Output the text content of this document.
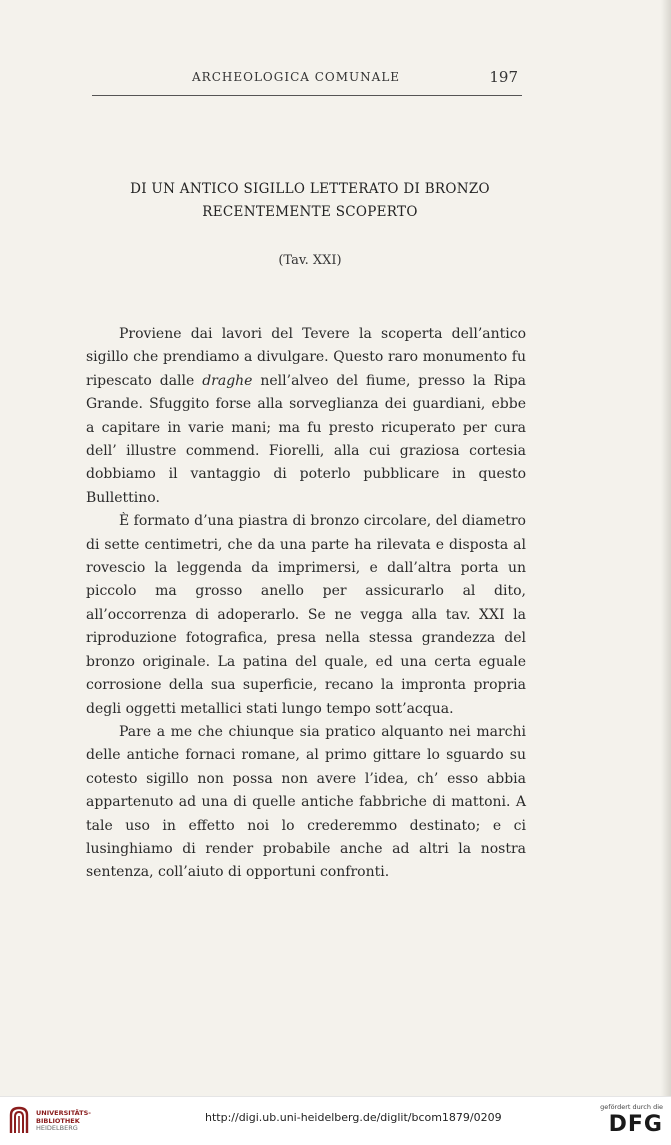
ARCHEOLOGICA COMUNALE	197
DI UN ANTICO SIGILLO LETTERATO DI BRONZO
RECENTEMENTE SCOPERTO
(Tav. XXI)

Proviene dai lavori del Tevere la scoperta dell’antico sigillo che prendiamo a divulgare. Questo raro monumento fu ripescato dalle draghe nell’alveo del fiume, presso la Ripa Grande. Sfuggito forse alla sorveglianza dei guardiani, ebbe a capitare in varie mani; ma fu presto ricuperato per cura dell’ illustre commend. Fiorelli, alla cui graziosa cortesia dobbiamo il vantaggio di poterlo pubblicare in questo Bullettino.

È formato d’una piastra di bronzo circolare, del diametro di sette centimetri, che da una parte ha rilevata e disposta al rovescio la leggenda da imprimersi, e dall’altra porta un piccolo ma grosso anello per assicurarlo al dito, all’occorrenza di adoperarlo. Se ne vegga alla tav. XXI la riproduzione fotografica, presa nella stessa grandezza del bronzo originale. La patina del quale, ed una certa eguale corrosione della sua superficie, recano la impronta propria degli oggetti metallici stati lungo tempo sott’acqua.

Pare a me che chiunque sia pratico alquanto nei marchi delle antiche fornaci romane, al primo gittare lo sguardo su cotesto sigillo non possa non avere l’idea, ch’ esso abbia appartenuto ad una di quelle antiche fabbriche di mattoni. A tale uso in effetto noi lo crederemmo destinato; e ci lusinghiamo di render probabile anche ad altri la nostra sentenza, coll’aiuto di opportuni confronti.

UNIVERSITÄTS-
BIBLIOTHEK
HEIDELBERG
http://digi.ub.uni-heidelberg.de/diglit/bcom1879/0209
gefördert durch die
DFG
